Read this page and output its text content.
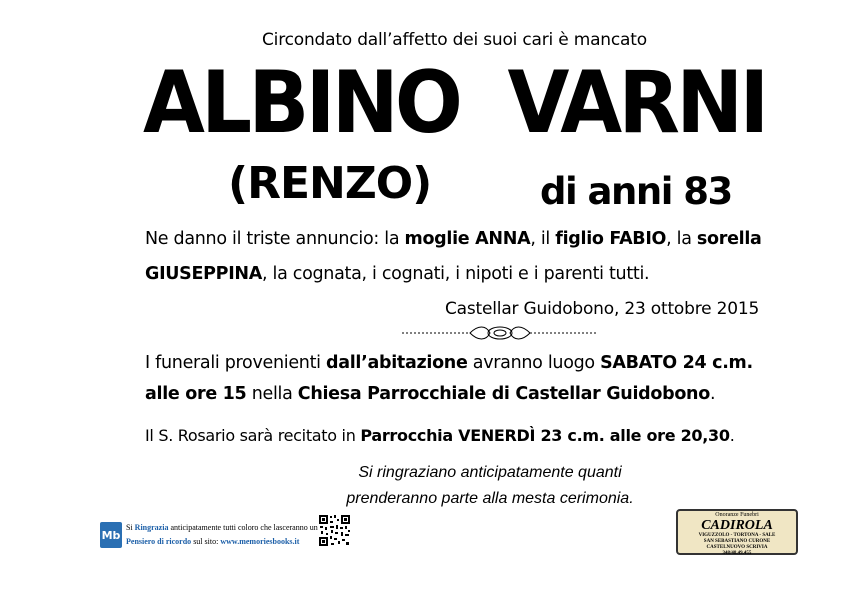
Circondato dall’affetto dei suoi cari è mancato
ALBINO  VARNI
(RENZO)	di anni 83
Ne danno il triste annuncio: la moglie ANNA, il figlio FABIO, la sorella
GIUSEPPINA, la cognata, i cognati, i nipoti e i parenti tutti.
Castellar Guidobono, 23 ottobre 2015
I funerali provenienti dall’abitazione avranno luogo SABATO 24 c.m.
alle ore 15 nella Chiesa Parrocchiale di Castellar Guidobono.
Il S. Rosario sarà recitato in Parrocchia VENERDÌ 23 c.m. alle ore 20,30.
Si ringraziano anticipatamente quanti
prenderanno parte alla mesta cerimonia.
Mb
Si Ringrazia anticipatamente tutti coloro che lasceranno un
Pensiero di ricordo sul sito: www.memoriesbooks.it
Onoranze Funebri
CADIROLA
VIGUZZOLO - TORTONA - SALE
SAN SEBASTIANO CURONE
CASTELNUOVO SCRIVIA
348/48.49.455
